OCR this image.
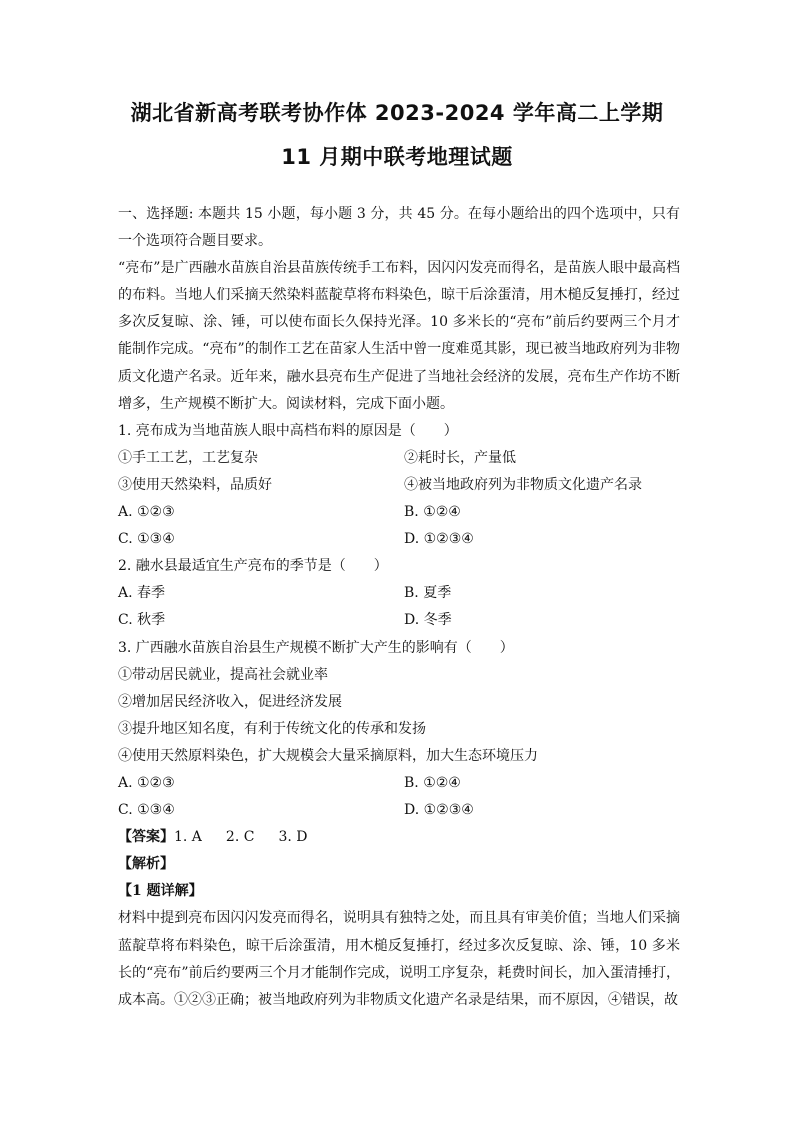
湖北省新高考联考协作体 2023-2024 学年高二上学期
11 月期中联考地理试题

一、选择题: 本题共 15 小题，每小题 3 分，共 45 分。在每小题给出的四个选项中，只有一个选项符合题目要求。

“亮布”是广西融水苗族自治县苗族传统手工布料，因闪闪发亮而得名，是苗族人眼中最高档的布料。当地人们采摘天然染料蓝靛草将布料染色，晾干后涂蛋清，用木槌反复捶打，经过多次反复晾、涂、锤，可以使布面长久保持光泽。10 多米长的“亮布”前后约要两三个月才能制作完成。“亮布”的制作工艺在苗家人生活中曾一度难觅其影，现已被当地政府列为非物质文化遗产名录。近年来，融水县亮布生产促进了当地社会经济的发展，亮布生产作坊不断增多，生产规模不断扩大。阅读材料，完成下面小题。

1. 亮布成为当地苗族人眼中高档布料的原因是（　　）
①手工工艺，工艺复杂	②耗时长，产量低
③使用天然染料，品质好	④被当地政府列为非物质文化遗产名录
A. ①②③	B. ①②④
C. ①③④	D. ①②③④
2. 融水县最适宜生产亮布的季节是（　　）
A. 春季	B. 夏季
C. 秋季	D. 冬季
3. 广西融水苗族自治县生产规模不断扩大产生的影响有（　　）
①带动居民就业，提高社会就业率
②增加居民经济收入，促进经济发展
③提升地区知名度，有利于传统文化的传承和发扬
④使用天然原料染色，扩大规模会大量采摘原料，加大生态环境压力
A. ①②③	B. ①②④
C. ①③④	D. ①②③④
【答案】1. A 2. C 3. D
【解析】
【1 题详解】

材料中提到亮布因闪闪发亮而得名，说明具有独特之处，而且具有审美价值；当地人们采摘蓝靛草将布料染色，晾干后涂蛋清，用木槌反复捶打，经过多次反复晾、涂、锤，10 多米长的“亮布”前后约要两三个月才能制作完成，说明工序复杂，耗费时间长，加入蛋清捶打，成本高。①②③正确；被当地政府列为非物质文化遗产名录是结果，而不原因，④错误，故
